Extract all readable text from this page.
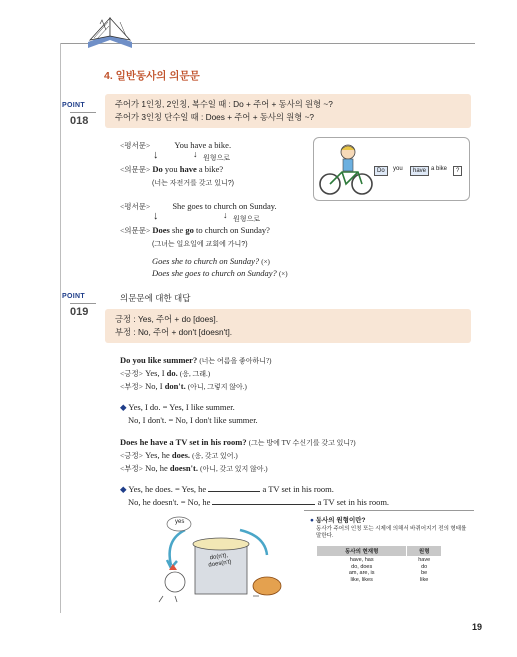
4. 일반동사의 의문문
POINT
018
주어가 1인칭, 2인칭, 복수일 때 : Do + 주어 + 동사의 원형 ~?
주어가 3인칭 단수일 때 : Does + 주어 + 동사의 원형 ~?
<평서문>	You have a bike.
↓	↓ 원형으로
<의문문> Do you have a bike?
(너는 자전거를 갖고 있니?)
Do	you	have a bike	?
<평서문>	She goes to church on Sunday.
↓	↓ 원형으로
<의문문> Does she go to church on Sunday?
(그녀는 일요일에 교회에 가니?)
Goes she to church on Sunday? (×)
Does she goes to church on Sunday? (×)
POINT
019
의문문에 대한 대답
긍정 : Yes, 주어 + do [does].
부정 : No, 주어 + don't [doesn't].
Do you like summer? (너는 여름을 좋아하니?)
<긍정> Yes, I do. (응, 그래.)
<부정> No, I don't. (아니, 그렇지 않아.)
◆ Yes, I do. = Yes, I like summer.
No, I don't. = No, I don't like summer.
Does he have a TV set in his room? (그는 방에 TV 수신기를 갖고 있니?)
<긍정> Yes, he does. (응, 갖고 있어.)
<부정> No, he doesn't. (아니, 갖고 있지 않아.)
◆ Yes, he does. = Yes, he	a TV set in his room.
No, he doesn't. = No, he	a TV set in his room.
yes
do(n't),
does(n't)
● 동사의 원형이란?
동사가 주어의 인칭 또는 시제에 의해서 바뀌어지기 전의 형태를 말한다.
동사의 현재형	원형
have, has	have
do, does	do
am, are, is	be
like, likes	like
19
